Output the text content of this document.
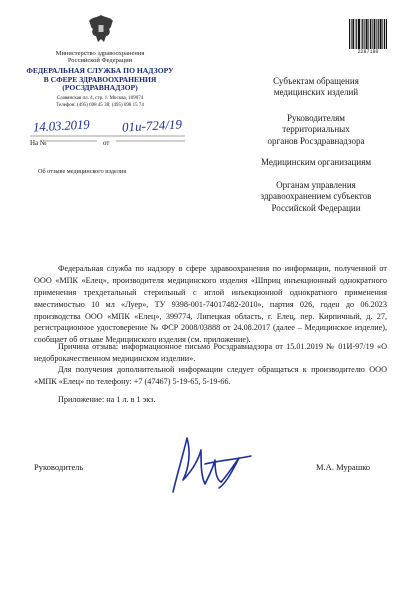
Министерство здравоохранения
Российской Федерации
ФЕДЕРАЛЬНАЯ СЛУЖБА ПО НАДЗОРУ
В СФЕРЕ ЗДРАВООХРАНЕНИЯ
(РОСЗДРАВНАДЗОР)
Славянская пл. 4, стр. 1. Москва, 109074
Телефон: (495) 698 45 38; (495) 698 15 74
14.03.2019 01и-724/19
На №	от
Об отзыве медицинского изделия
2287180
Субъектам обращения
медицинских изделий
Руководителям
территориальных
органов Росздравнадзора
Медицинским организациям
Органам управления
здравоохранением субъектов
Российской Федерации
Федеральная служба по надзору в сфере здравоохранения по информации, полученной от ООО «МПК «Елец», производителя медицинского изделия «Шприц инъекционный однократного применения трехдетальный стерильный с иглой инъекционной однократного применения вместимостью 10 мл «Луер», ТУ 9398-001-74017482-2010», партия 026, годен до 06.2023 производства ООО «МПК «Елец», 399774, Липецкая область, г. Елец, пер. Кирпичный, д. 27, регистрационное удостоверение № ФСР 2008/03888 от 24.08.2017 (далее – Медицинское изделие), сообщает об отзыве Медицинского изделия (см. приложение).
Причина отзыва: информационное письмо Росздравнадзора от 15.01.2019 № 01И-97/19 «О недоброкачественном медицинском изделии».
Для получения дополнительной информации следует обращаться к производителю ООО «МПК «Елец» по телефону: +7 (47467) 5-19-65, 5-19-66.
Приложение: на 1 л. в 1 экз.
Руководитель	М.А. Мурашко
